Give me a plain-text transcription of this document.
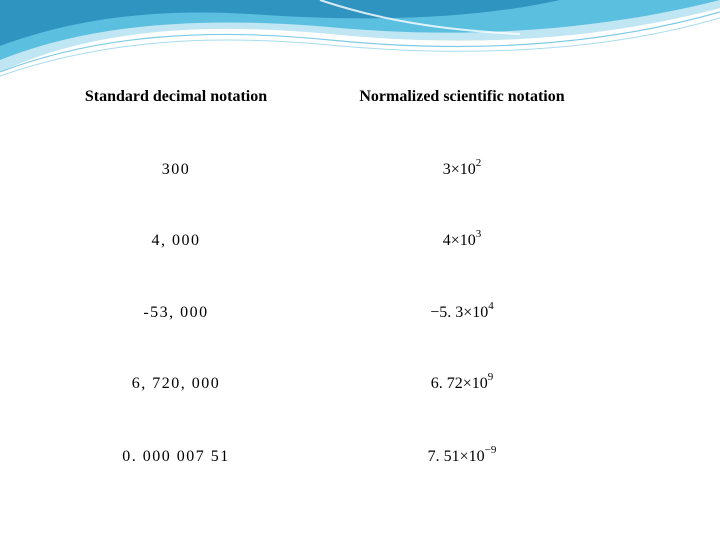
Standard decimal notation	Normalized scientific notation
300	$3\times 10^2$
4, 000	$4\times 10^3$
-53, 000	−5. $3\times 10^4$
6, 720, 000	6. $72\times 10^9$
0. 000 007 51	7. $51\times 10^{-9}$
